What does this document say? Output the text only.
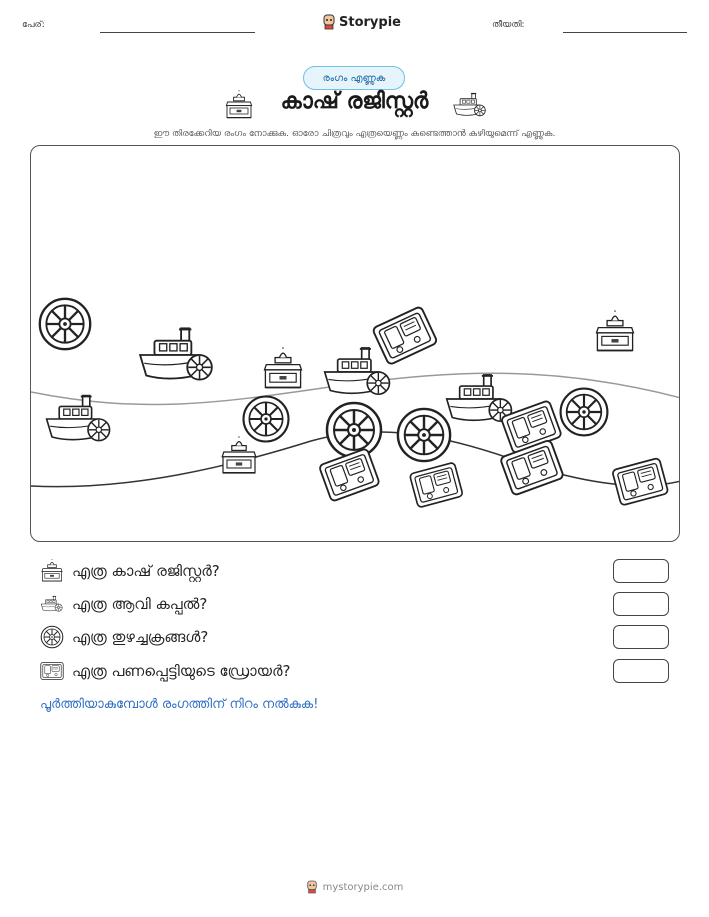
പേര്:	Storypie	തീയതി:
രംഗം എണ്ണുക
കാഷ് രജിസ്റ്റർ
ഈ തിരക്കേറിയ രംഗം നോക്കുക. ഓരോ ചിത്രവും എത്രയെണ്ണം കണ്ടെത്താൻ കഴിയുമെന്ന് എണ്ണുക.
എത്ര കാഷ് രജിസ്റ്റർ?
എത്ര ആവി കപ്പൽ?
എത്ര തുഴച്ചക്രങ്ങൾ?
എത്ര പണപ്പെട്ടിയുടെ ഡ്രോയർ?
പൂർത്തിയാകുമ്പോൾ രംഗത്തിന് നിറം നൽകുക!
mystorypie.com
